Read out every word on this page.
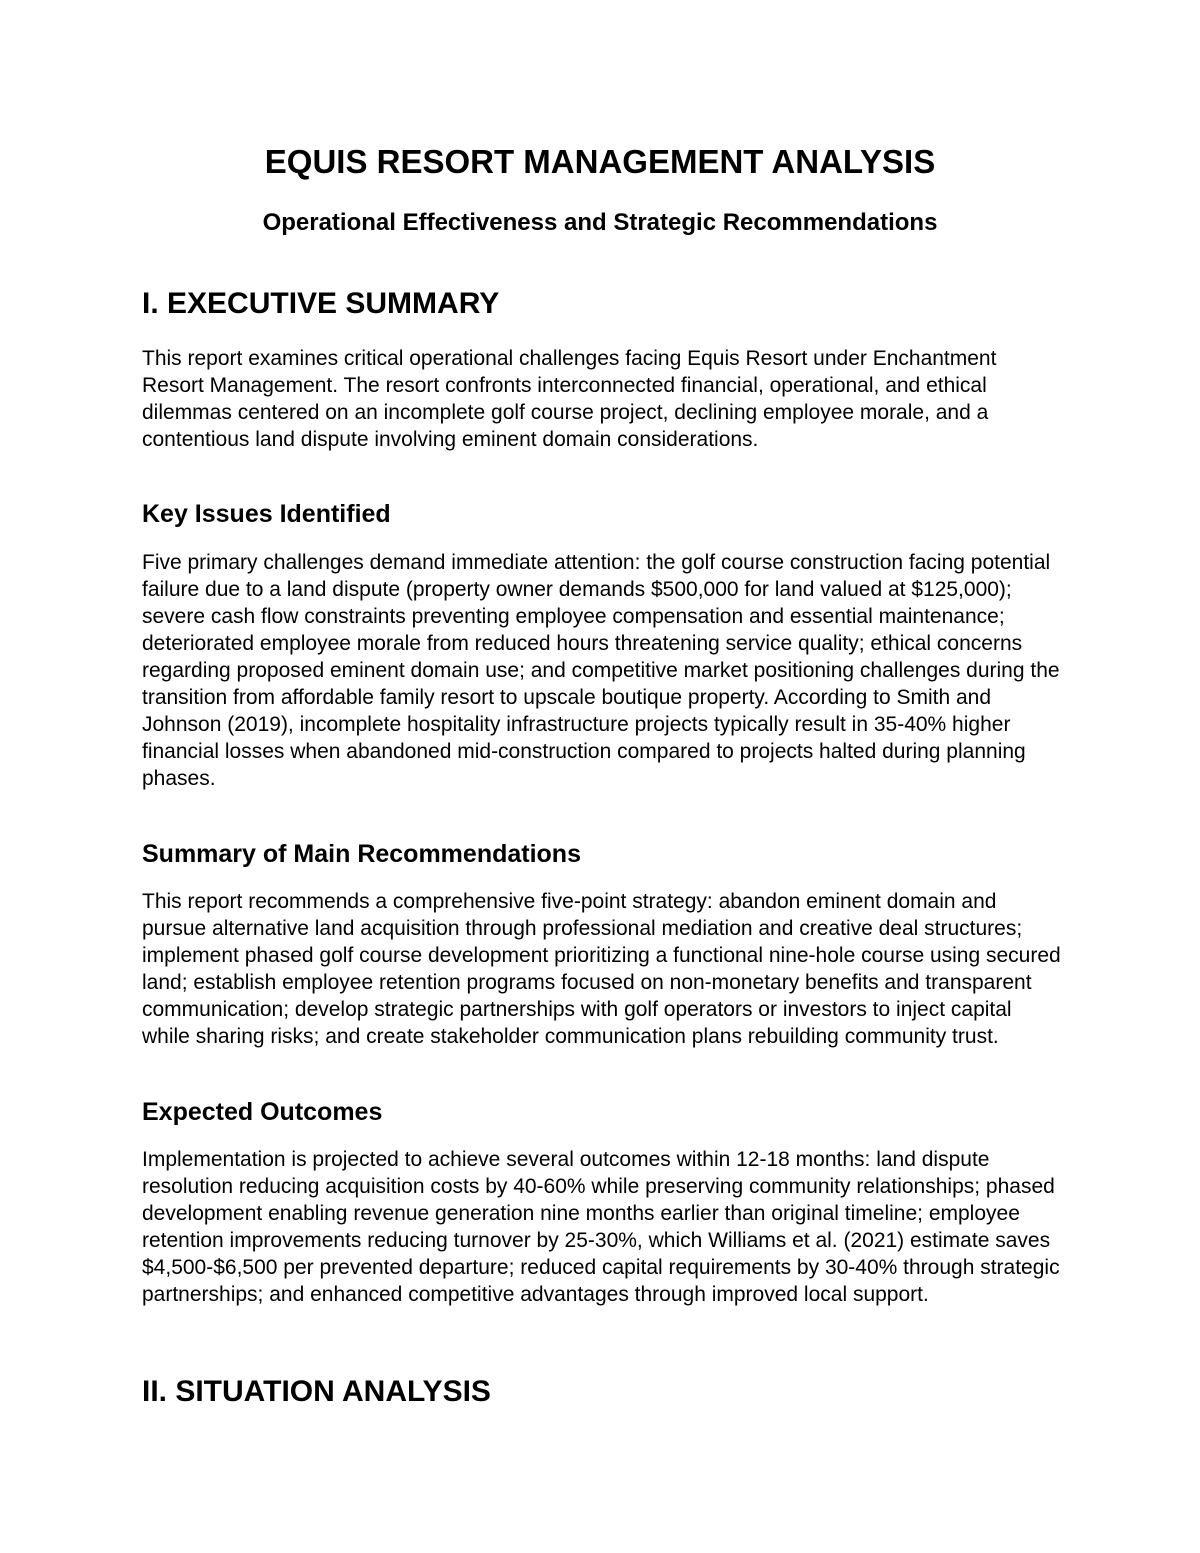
EQUIS RESORT MANAGEMENT ANALYSIS
Operational Effectiveness and Strategic Recommendations
I. EXECUTIVE SUMMARY

This report examines critical operational challenges facing Equis Resort under Enchantment Resort Management. The resort confronts interconnected financial, operational, and ethical dilemmas centered on an incomplete golf course project, declining employee morale, and a contentious land dispute involving eminent domain considerations.

Key Issues Identified

Five primary challenges demand immediate attention: the golf course construction facing potential failure due to a land dispute (property owner demands $500,000 for land valued at $125,000); severe cash flow constraints preventing employee compensation and essential maintenance; deteriorated employee morale from reduced hours threatening service quality; ethical concerns regarding proposed eminent domain use; and competitive market positioning challenges during the transition from affordable family resort to upscale boutique property. According to Smith and Johnson (2019), incomplete hospitality infrastructure projects typically result in 35-40% higher financial losses when abandoned mid-construction compared to projects halted during planning phases.

Summary of Main Recommendations

This report recommends a comprehensive five-point strategy: abandon eminent domain and pursue alternative land acquisition through professional mediation and creative deal structures; implement phased golf course development prioritizing a functional nine-hole course using secured land; establish employee retention programs focused on non-monetary benefits and transparent communication; develop strategic partnerships with golf operators or investors to inject capital while sharing risks; and create stakeholder communication plans rebuilding community trust.

Expected Outcomes

Implementation is projected to achieve several outcomes within 12-18 months: land dispute resolution reducing acquisition costs by 40-60% while preserving community relationships; phased development enabling revenue generation nine months earlier than original timeline; employee retention improvements reducing turnover by 25-30%, which Williams et al. (2021) estimate saves $4,500-$6,500 per prevented departure; reduced capital requirements by 30-40% through strategic partnerships; and enhanced competitive advantages through improved local support.

II. SITUATION ANALYSIS
